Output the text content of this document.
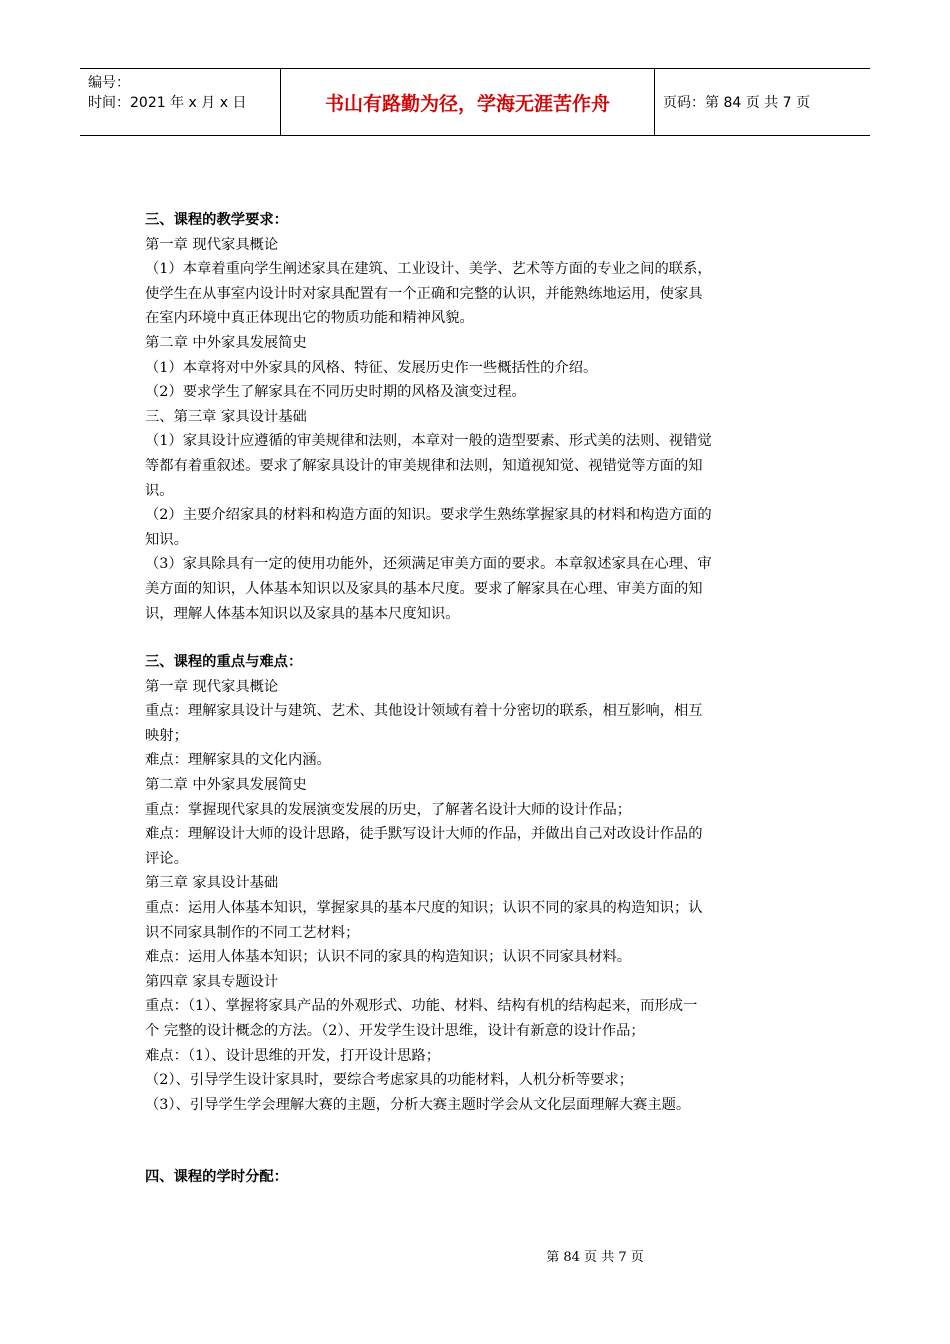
编号：
时间：2021 年 x 月 x 日	书山有路勤为径，学海无涯苦作舟	页码：第 84 页 共 7 页

三、课程的教学要求：

第一章 现代家具概论

（1）本章着重向学生阐述家具在建筑、工业设计、美学、艺术等方面的专业之间的联系，

使学生在从事室内设计时对家具配置有一个正确和完整的认识，并能熟练地运用，使家具

在室内环境中真正体现出它的物质功能和精神风貌。

第二章 中外家具发展简史

（1）本章将对中外家具的风格、特征、发展历史作一些概括性的介绍。

（2）要求学生了解家具在不同历史时期的风格及演变过程。

三、第三章 家具设计基础

（1）家具设计应遵循的审美规律和法则，本章对一般的造型要素、形式美的法则、视错觉

等都有着重叙述。要求了解家具设计的审美规律和法则，知道视知觉、视错觉等方面的知

识。

（2）主要介绍家具的材料和构造方面的知识。要求学生熟练掌握家具的材料和构造方面的

知识。

（3）家具除具有一定的使用功能外，还须满足审美方面的要求。本章叙述家具在心理、审

美方面的知识，人体基本知识以及家具的基本尺度。要求了解家具在心理、审美方面的知

识，理解人体基本知识以及家具的基本尺度知识。

三、课程的重点与难点：

第一章 现代家具概论

重点：理解家具设计与建筑、艺术、其他设计领域有着十分密切的联系，相互影响，相互

映射；

难点：理解家具的文化内涵。

第二章 中外家具发展简史

重点：掌握现代家具的发展演变发展的历史，了解著名设计大师的设计作品；

难点：理解设计大师的设计思路，徒手默写设计大师的作品，并做出自己对改设计作品的

评论。

第三章 家具设计基础

重点：运用人体基本知识，掌握家具的基本尺度的知识；认识不同的家具的构造知识；认

识不同家具制作的不同工艺材料；

难点：运用人体基本知识；认识不同的家具的构造知识；认识不同家具材料。

第四章 家具专题设计

重点：（1）、掌握将家具产品的外观形式、功能、材料、结构有机的结构起来，而形成一

个 完整的设计概念的方法。（2）、开发学生设计思维，设计有新意的设计作品；

难点：（1）、设计思维的开发，打开设计思路；

（2）、引导学生设计家具时，要综合考虑家具的功能材料，人机分析等要求；

（3）、引导学生学会理解大赛的主题，分析大赛主题时学会从文化层面理解大赛主题。

四、课程的学时分配：

第 84 页 共 7 页
